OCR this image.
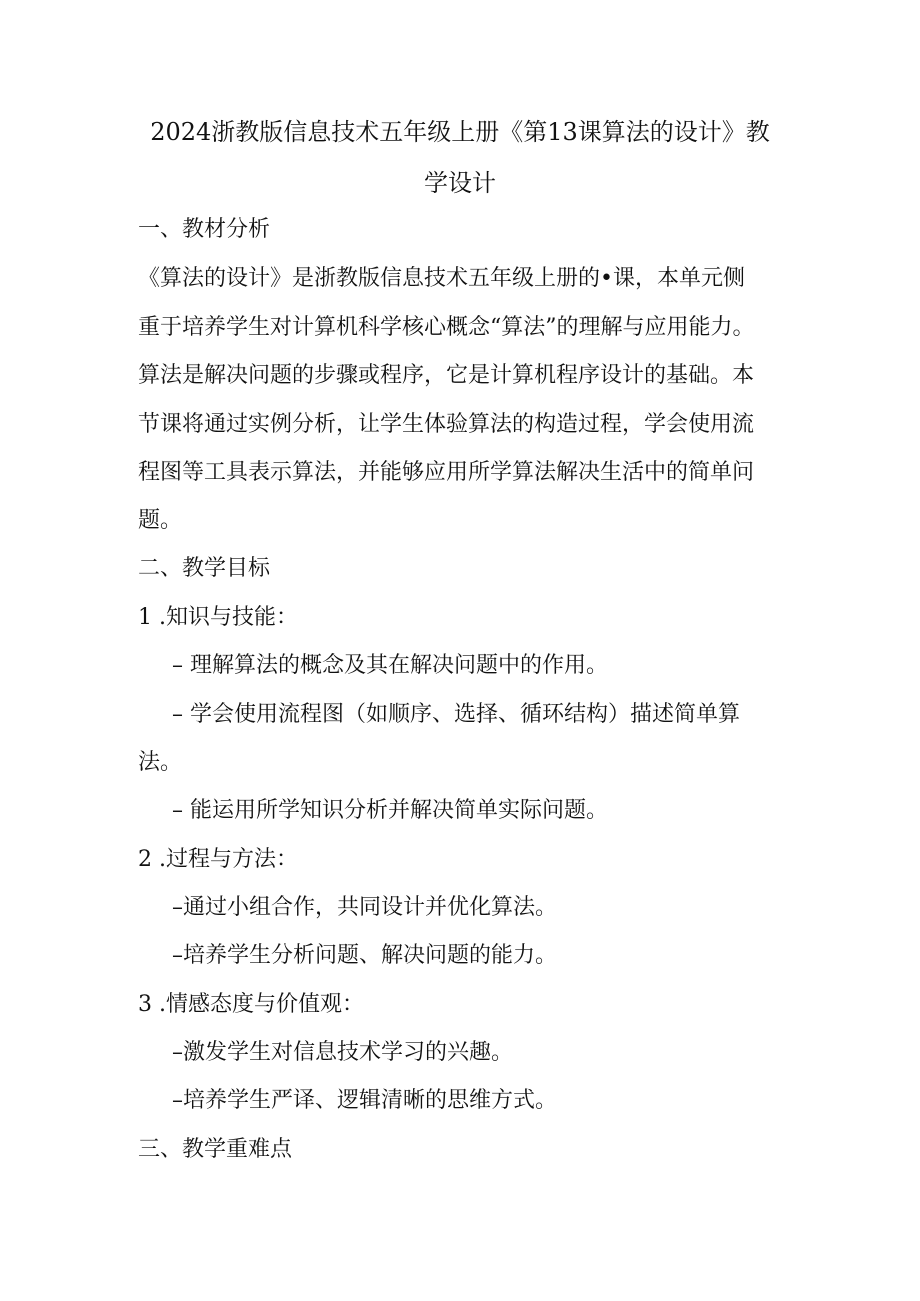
2024浙教版信息技术五年级上册《第13课算法的设计》教
学设计

一、教材分析

《算法的设计》是浙教版信息技术五年级上册的•课，本单元侧

重于培养学生对计算机科学核心概念“算法”的理解与应用能力。

算法是解决问题的步骤或程序，它是计算机程序设计的基础。本

节课将通过实例分析，让学生体验算法的构造过程，学会使用流

程图等工具表示算法，并能够应用所学算法解决生活中的简单问

题。

二、教学目标

1 .知识与技能：

– 理解算法的概念及其在解决问题中的作用。

– 学会使用流程图（如顺序、选择、循环结构）描述简单算

法。

– 能运用所学知识分析并解决简单实际问题。

2 .过程与方法：

–通过小组合作，共同设计并优化算法。

–培养学生分析问题、解决问题的能力。

3 .情感态度与价值观：

–激发学生对信息技术学习的兴趣。

–培养学生严译、逻辑清晰的思维方式。

三、教学重难点
